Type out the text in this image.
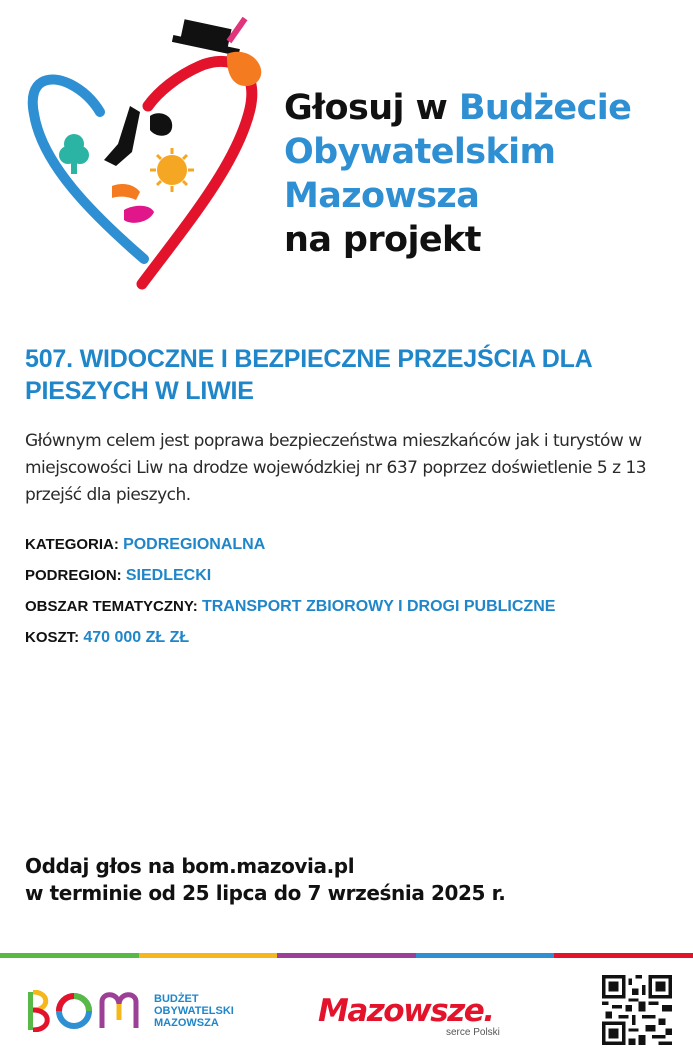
Głosuj w Budżecie
Obywatelskim
Mazowsza
na projekt
507. WIDOCZNE I BEZPIECZNE PRZEJŚCIA DLA PIESZYCH W LIWIE
Głównym celem jest poprawa bezpieczeństwa mieszkańców jak i turystów w miejscowości Liw na drodze wojewódzkiej nr 637 poprzez doświetlenie 5 z 13 przejść dla pieszych.
KATEGORIA: PODREGIONALNA
PODREGION: SIEDLECKI
OBSZAR TEMATYCZNY: TRANSPORT ZBIOROWY I DROGI PUBLICZNE
KOSZT: 470 000 ZŁ ZŁ
Oddaj głos na bom.mazovia.pl
w terminie od 25 lipca do 7 września 2025 r.
BUDŻET
OBYWATELSKI
MAZOWSZA	Mazowsze.
serce Polski
